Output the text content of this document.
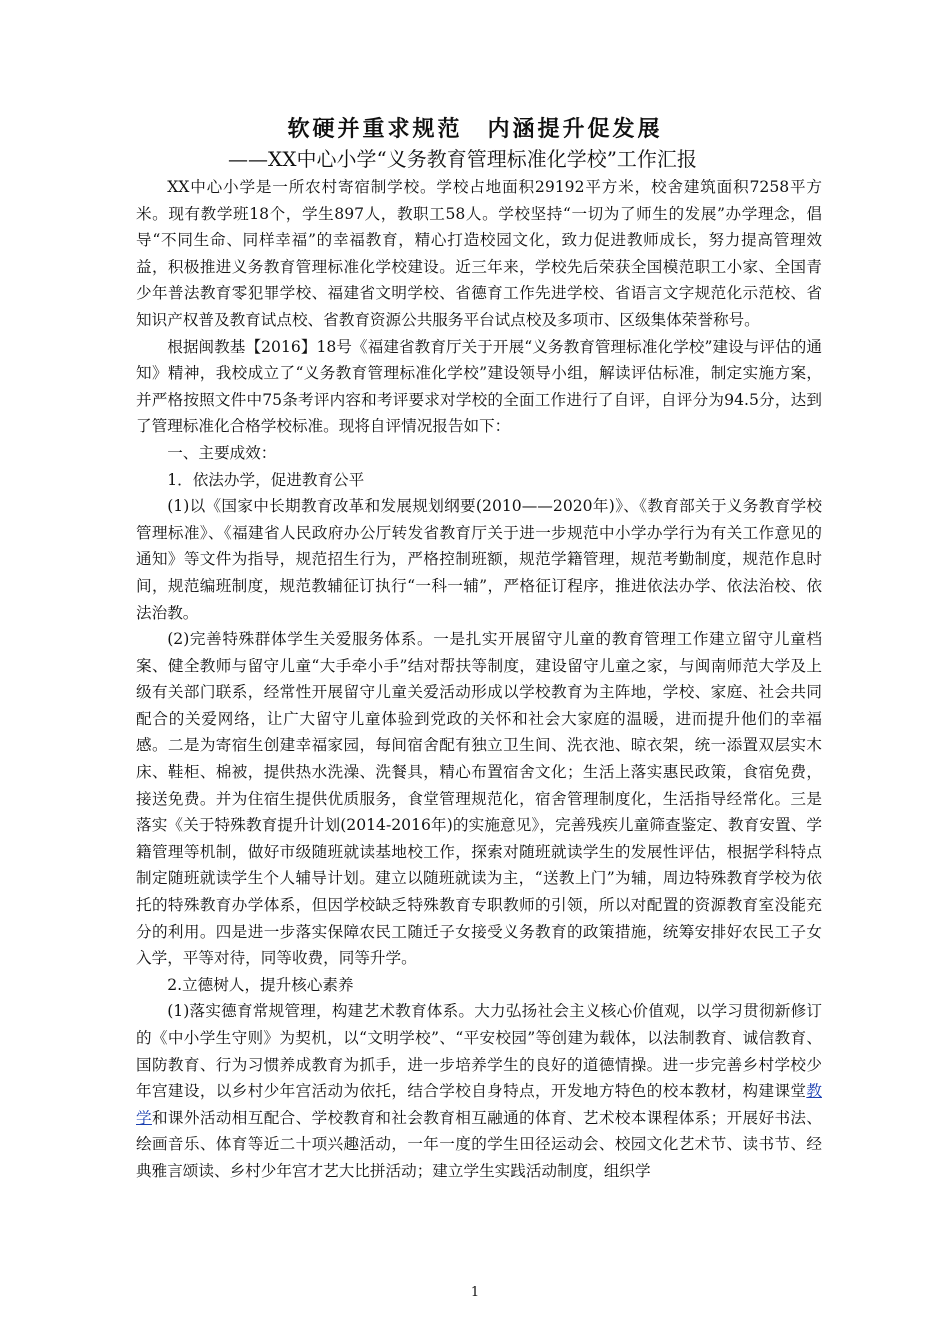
软硬并重求规范　内涵提升促发展
——XX中心小学“义务教育管理标准化学校”工作汇报

XX中心小学是一所农村寄宿制学校。学校占地面积29192平方米，校舍建筑面积7258平方米。现有教学班18个，学生897人，教职工58人。学校坚持“一切为了师生的发展”办学理念，倡导“不同生命、同样幸福”的幸福教育，精心打造校园文化，致力促进教师成长，努力提高管理效益，积极推进义务教育管理标准化学校建设。近三年来，学校先后荣获全国模范职工小家、全国青少年普法教育零犯罪学校、福建省文明学校、省德育工作先进学校、省语言文字规范化示范校、省知识产权普及教育试点校、省教育资源公共服务平台试点校及多项市、区级集体荣誉称号。

根据闽教基【2016】18号《福建省教育厅关于开展“义务教育管理标准化学校”建设与评估的通知》精神，我校成立了“义务教育管理标准化学校”建设领导小组，解读评估标准，制定实施方案，并严格按照文件中75条考评内容和考评要求对学校的全面工作进行了自评，自评分为94.5分，达到了管理标准化合格学校标准。现将自评情况报告如下：

一、主要成效：

1．依法办学，促进教育公平

(1)以《国家中长期教育改革和发展规划纲要(2010——2020年)》、《教育部关于义务教育学校管理标准》、《福建省人民政府办公厅转发省教育厅关于进一步规范中小学办学行为有关工作意见的通知》等文件为指导，规范招生行为，严格控制班额，规范学籍管理，规范考勤制度，规范作息时间，规范编班制度，规范教辅征订执行“一科一辅”，严格征订程序，推进依法办学、依法治校、依法治教。

(2)完善特殊群体学生关爱服务体系。一是扎实开展留守儿童的教育管理工作建立留守儿童档案、健全教师与留守儿童“大手牵小手”结对帮扶等制度，建设留守儿童之家，与闽南师范大学及上级有关部门联系，经常性开展留守儿童关爱活动形成以学校教育为主阵地，学校、家庭、社会共同配合的关爱网络，让广大留守儿童体验到党政的关怀和社会大家庭的温暖，进而提升他们的幸福感。二是为寄宿生创建幸福家园，每间宿舍配有独立卫生间、洗衣池、晾衣架，统一添置双层实木床、鞋柜、棉被，提供热水洗澡、洗餐具，精心布置宿舍文化；生活上落实惠民政策，食宿免费，接送免费。并为住宿生提供优质服务，食堂管理规范化，宿舍管理制度化，生活指导经常化。三是落实《关于特殊教育提升计划(2014-2016年)的实施意见》，完善残疾儿童筛查鉴定、教育安置、学籍管理等机制，做好市级随班就读基地校工作，探索对随班就读学生的发展性评估，根据学科特点制定随班就读学生个人辅导计划。建立以随班就读为主，“送教上门”为辅，周边特殊教育学校为依托的特殊教育办学体系，但因学校缺乏特殊教育专职教师的引领，所以对配置的资源教育室没能充分的利用。四是进一步落实保障农民工随迁子女接受义务教育的政策措施，统筹安排好农民工子女入学，平等对待，同等收费，同等升学。

2.立德树人，提升核心素养

(1)落实德育常规管理，构建艺术教育体系。大力弘扬社会主义核心价值观，以学习贯彻新修订的《中小学生守则》为契机，以“文明学校”、“平安校园”等创建为载体，以法制教育、诚信教育、国防教育、行为习惯养成教育为抓手，进一步培养学生的良好的道德情操。进一步完善乡村学校少年宫建设，以乡村少年宫活动为依托，结合学校自身特点，开发地方特色的校本教材，构建课堂教学和课外活动相互配合、学校教育和社会教育相互融通的体育、艺术校本课程体系；开展好书法、绘画音乐、体育等近二十项兴趣活动，一年一度的学生田径运动会、校园文化艺术节、读书节、经典雅言颂读、乡村少年宫才艺大比拼活动；建立学生实践活动制度，组织学

1
